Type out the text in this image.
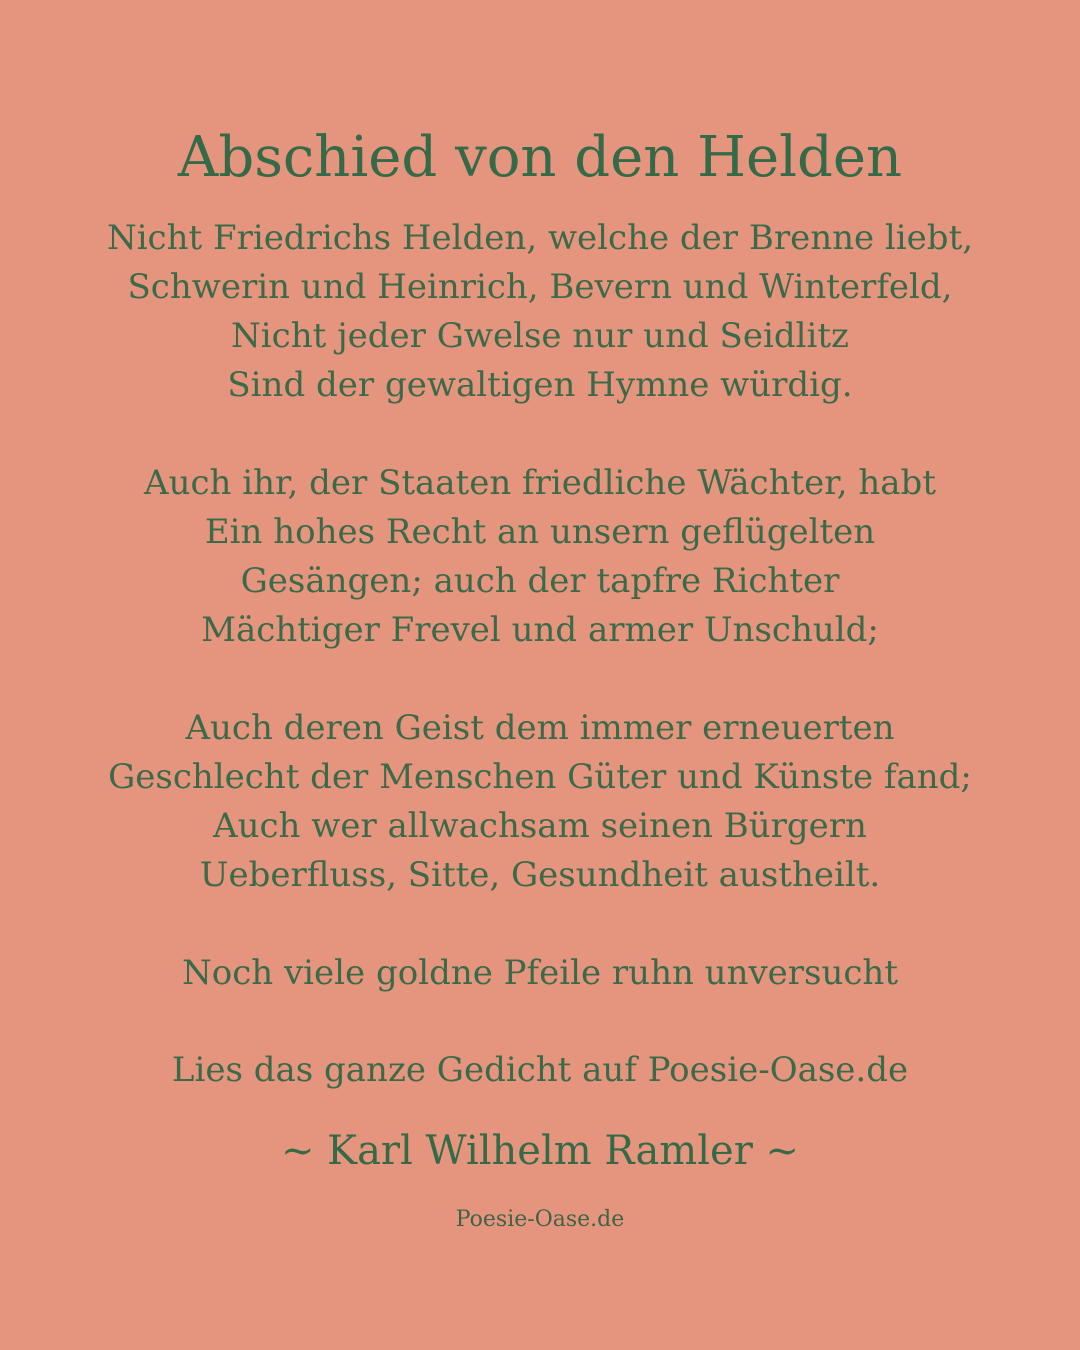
Abschied von den Helden
Nicht Friedrichs Helden, welche der Brenne liebt,
Schwerin und Heinrich, Bevern und Winterfeld,
Nicht jeder Gwelse nur und Seidlitz
Sind der gewaltigen Hymne würdig.
Auch ihr, der Staaten friedliche Wächter, habt
Ein hohes Recht an unsern geflügelten
Gesängen; auch der tapfre Richter
Mächtiger Frevel und armer Unschuld;
Auch deren Geist dem immer erneuerten
Geschlecht der Menschen Güter und Künste fand;
Auch wer allwachsam seinen Bürgern
Ueberfluss, Sitte, Gesundheit austheilt.
Noch viele goldne Pfeile ruhn unversucht
Lies das ganze Gedicht auf Poesie-Oase.de
~ Karl Wilhelm Ramler ~
Poesie-Oase.de
